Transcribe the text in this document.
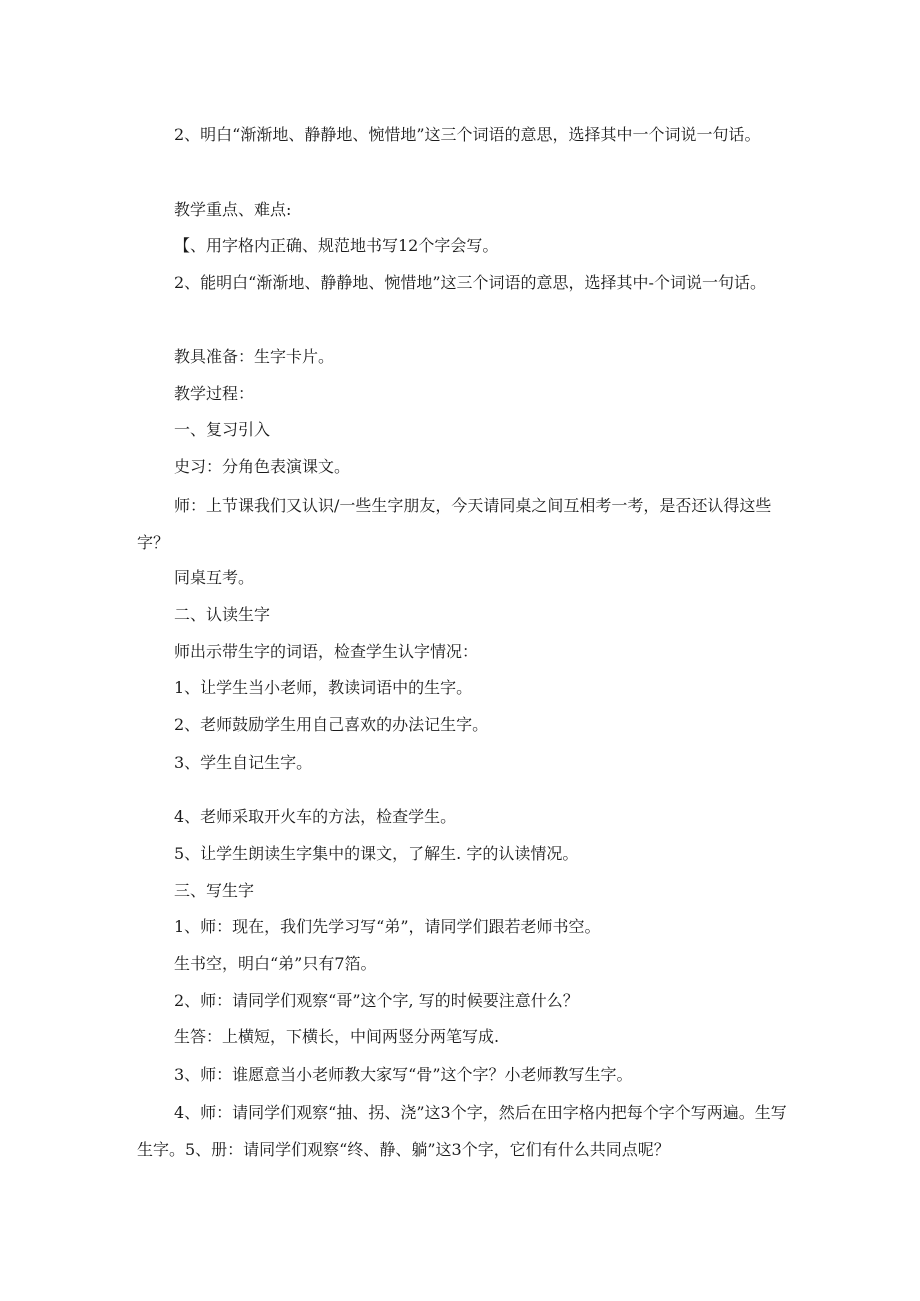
2、明白“渐渐地、静静地、惋惜地”这三个词语的意思，选择其中一个词说一句话。

教学重点、难点:

【、用字格内正确、规范地书写12个字会写。

2、能明白“渐渐地、静静地、惋惜地”这三个词语的意思，选择其中-个词说一句话。

教具准备：生字卡片。

教学过程：

一、复习引入

史习：分角色表演课文。

师：上节课我们又认识/一些生字朋友，今天请同桌之间互相考一考，是否还认得这些字？

同桌互考。

二、认读生字

师出示带生字的词语，检查学生认字情况：

1、让学生当小老师，教读词语中的生字。

2、老师鼓励学生用自己喜欢的办法记生字。

3、学生自记生字。

4、老师采取开火车的方法，检查学生。

5、让学生朗读生字集中的课文，了解生. 字的认读情况。

三、写生字

1、师：现在，我们先学习写“弟”，请同学们跟若老师书空。

生书空，明白“弟”只有7箔。

2、师：请同学们观察“哥”这个字, 写的时候要注意什么？

生答：上横短，下横长，中间两竖分两笔写成.

3、师：谁愿意当小老师教大家写“骨”这个字？小老师教写生字。

4、师：请同学们观察“抽、拐、浇”这3个字，然后在田字格内把每个字个写两遍。生写生字。5、册：请同学们观察“终、静、躺”这3个字，它们有什么共同点呢？
